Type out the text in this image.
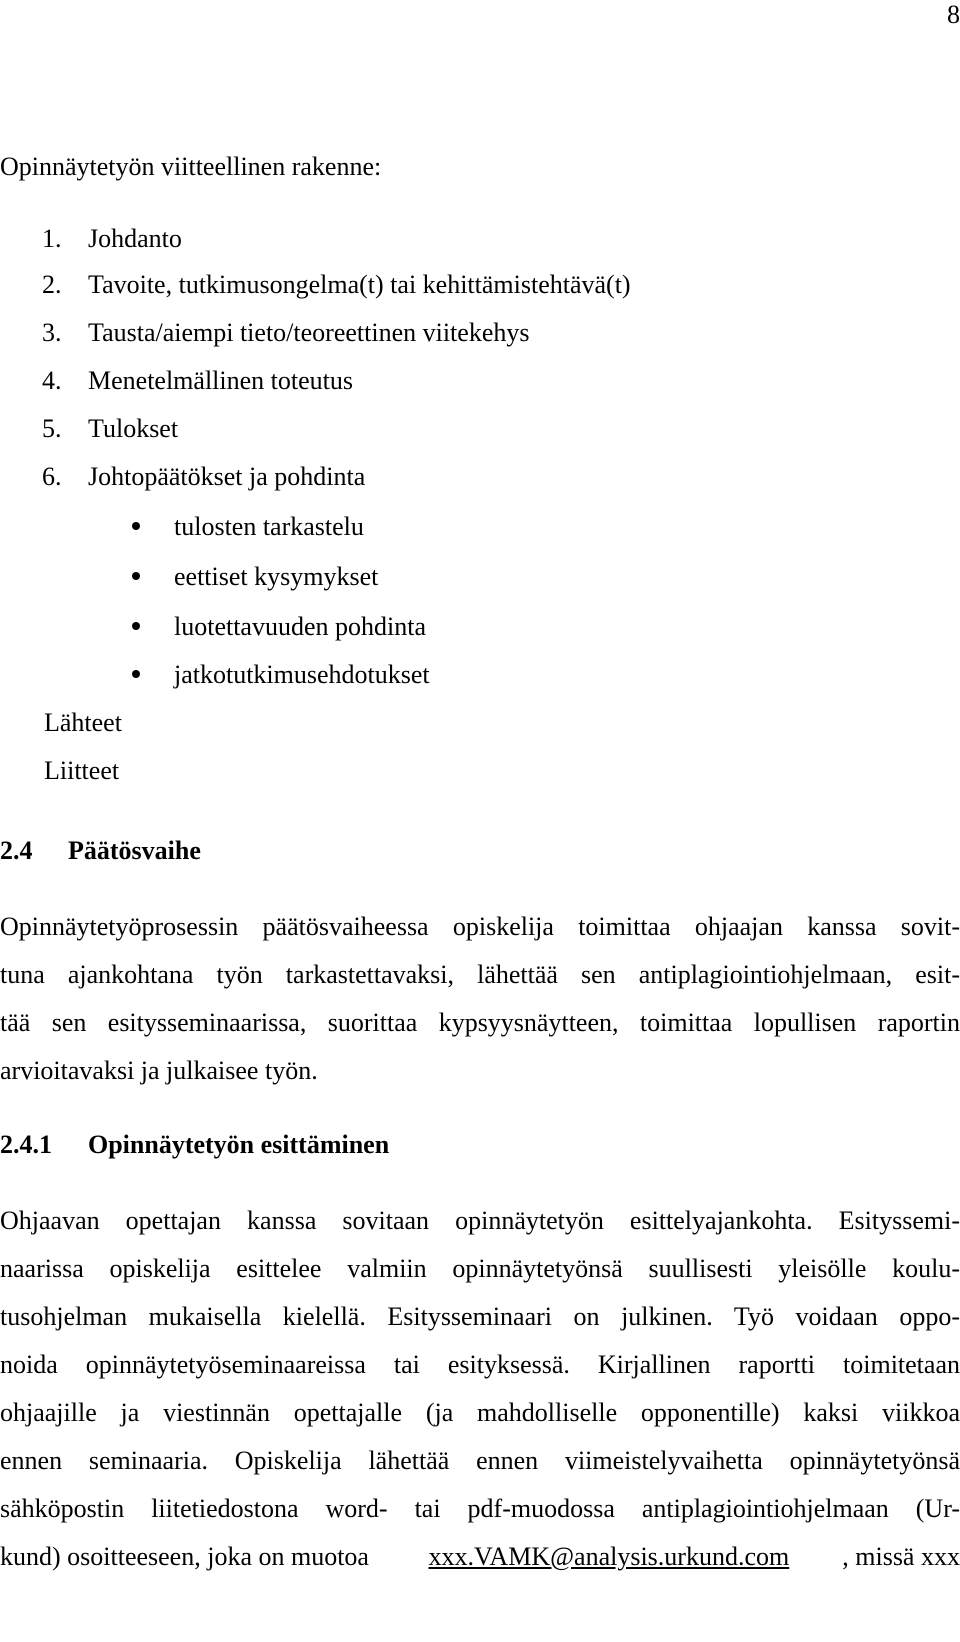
8
Opinnäytetyön viitteellinen rakenne:
1. Johdanto
2. Tavoite, tutkimusongelma(t) tai kehittämistehtävä(t)
3. Tausta/aiempi tieto/teoreettinen viitekehys
4. Menetelmällinen toteutus
5. Tulokset
6. Johtopäätökset ja pohdinta
tulosten tarkastelu
eettiset kysymykset
luotettavuuden pohdinta
jatkotutkimusehdotukset
Lähteet
Liitteet
2.4 Päätösvaihe
Opinnäytetyöprosessin päätösvaiheessa opiskelija toimittaa ohjaajan kanssa sovit-
tuna ajankohtana työn tarkastettavaksi, lähettää sen antiplagiointiohjelmaan, esit-
tää sen esitysseminaarissa, suorittaa kypsyysnäytteen, toimittaa lopullisen raportin
arvioitavaksi ja julkaisee työn.
2.4.1 Opinnäytetyön esittäminen
Ohjaavan opettajan kanssa sovitaan opinnäytetyön esittelyajankohta. Esityssemi-
naarissa opiskelija esittelee valmiin opinnäytetyönsä suullisesti yleisölle koulu-
tusohjelman mukaisella kielellä. Esitysseminaari on julkinen. Työ voidaan oppo-
noida opinnäytetyöseminaareissa tai esityksessä. Kirjallinen raportti toimitetaan
ohjaajille ja viestinnän opettajalle (ja mahdolliselle opponentille) kaksi viikkoa
ennen seminaaria. Opiskelija lähettää ennen viimeistelyvaihetta opinnäytetyönsä
sähköpostin liitetiedostona word- tai pdf-muodossa antiplagiointiohjelmaan (Ur-
kund) osoitteeseen, joka on muotoa xxx.VAMK@analysis.urkund.com , missä xxx
